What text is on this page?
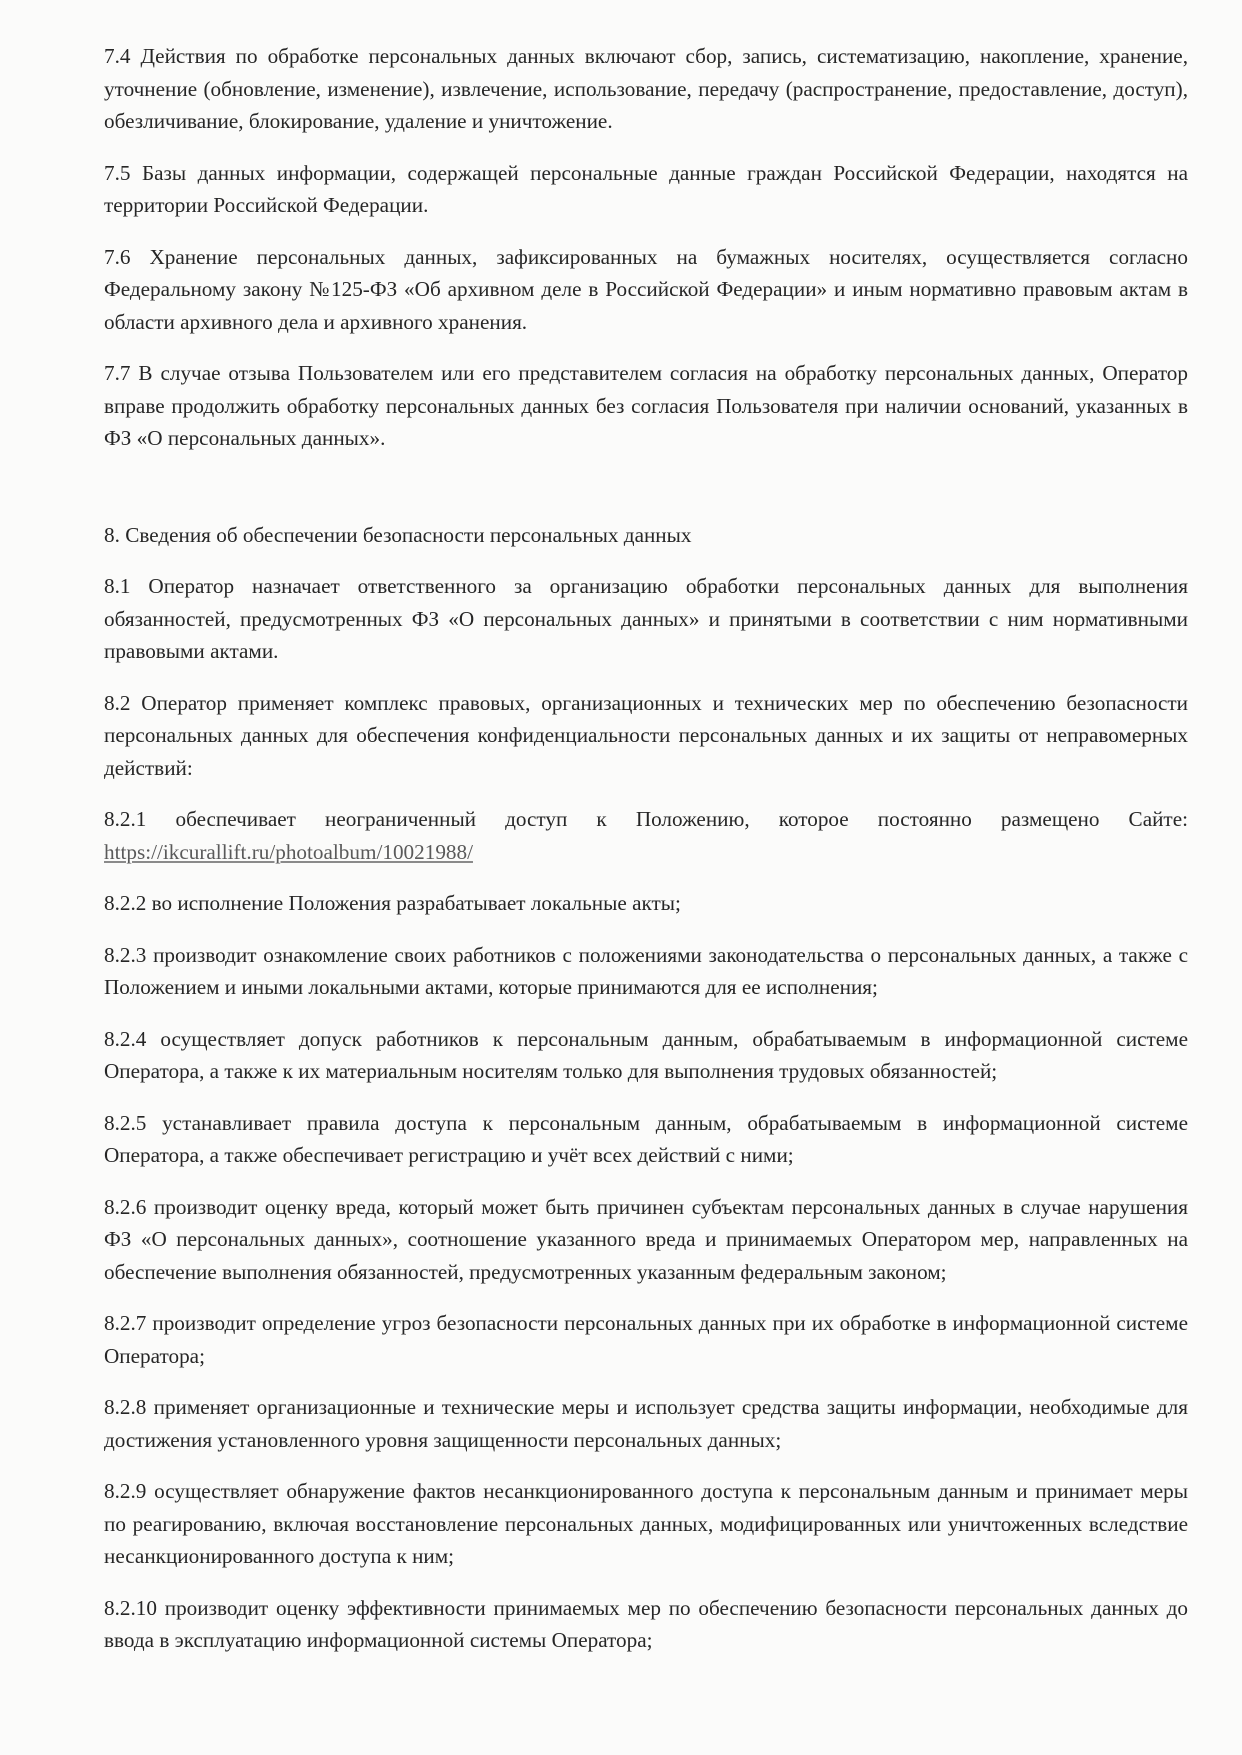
7.4 Действия по обработке персональных данных включают сбор, запись, систематизацию, накопление, хранение, уточнение (обновление, изменение), извлечение, использование, передачу (распространение, предоставление, доступ), обезличивание, блокирование, удаление и уничтожение.

7.5 Базы данных информации, содержащей персональные данные граждан Российской Федерации, находятся на территории Российской Федерации.

7.6 Хранение персональных данных, зафиксированных на бумажных носителях, осуществляется согласно Федеральному закону №125-ФЗ «Об архивном деле в Российской Федерации» и иным нормативно правовым актам в области архивного дела и архивного хранения.

7.7 В случае отзыва Пользователем или его представителем согласия на обработку персональных данных, Оператор вправе продолжить обработку персональных данных без согласия Пользователя при наличии оснований, указанных в ФЗ «О персональных данных».

8. Сведения об обеспечении безопасности персональных данных

8.1 Оператор назначает ответственного за организацию обработки персональных данных для выполнения обязанностей, предусмотренных ФЗ «О персональных данных» и принятыми в соответствии с ним нормативными правовыми актами.

8.2 Оператор применяет комплекс правовых, организационных и технических мер по обеспечению безопасности персональных данных для обеспечения конфиденциальности персональных данных и их защиты от неправомерных действий:

8.2.1 обеспечивает неограниченный доступ к Положению, которое постоянно размещено Сайте: https://ikcurallift.ru/photoalbum/10021988/

8.2.2 во исполнение Положения разрабатывает локальные акты;

8.2.3 производит ознакомление своих работников с положениями законодательства о персональных данных, а также с Положением и иными локальными актами, которые принимаются для ее исполнения;

8.2.4 осуществляет допуск работников к персональным данным, обрабатываемым в информационной системе Оператора, а также к их материальным носителям только для выполнения трудовых обязанностей;

8.2.5 устанавливает правила доступа к персональным данным, обрабатываемым в информационной системе Оператора, а также обеспечивает регистрацию и учёт всех действий с ними;

8.2.6 производит оценку вреда, который может быть причинен субъектам персональных данных в случае нарушения ФЗ «О персональных данных», соотношение указанного вреда и принимаемых Оператором мер, направленных на обеспечение выполнения обязанностей, предусмотренных указанным федеральным законом;

8.2.7 производит определение угроз безопасности персональных данных при их обработке в информационной системе Оператора;

8.2.8 применяет организационные и технические меры и использует средства защиты информации, необходимые для достижения установленного уровня защищенности персональных данных;

8.2.9 осуществляет обнаружение фактов несанкционированного доступа к персональным данным и принимает меры по реагированию, включая восстановление персональных данных, модифицированных или уничтоженных вследствие несанкционированного доступа к ним;

8.2.10 производит оценку эффективности принимаемых мер по обеспечению безопасности персональных данных до ввода в эксплуатацию информационной системы Оператора;
